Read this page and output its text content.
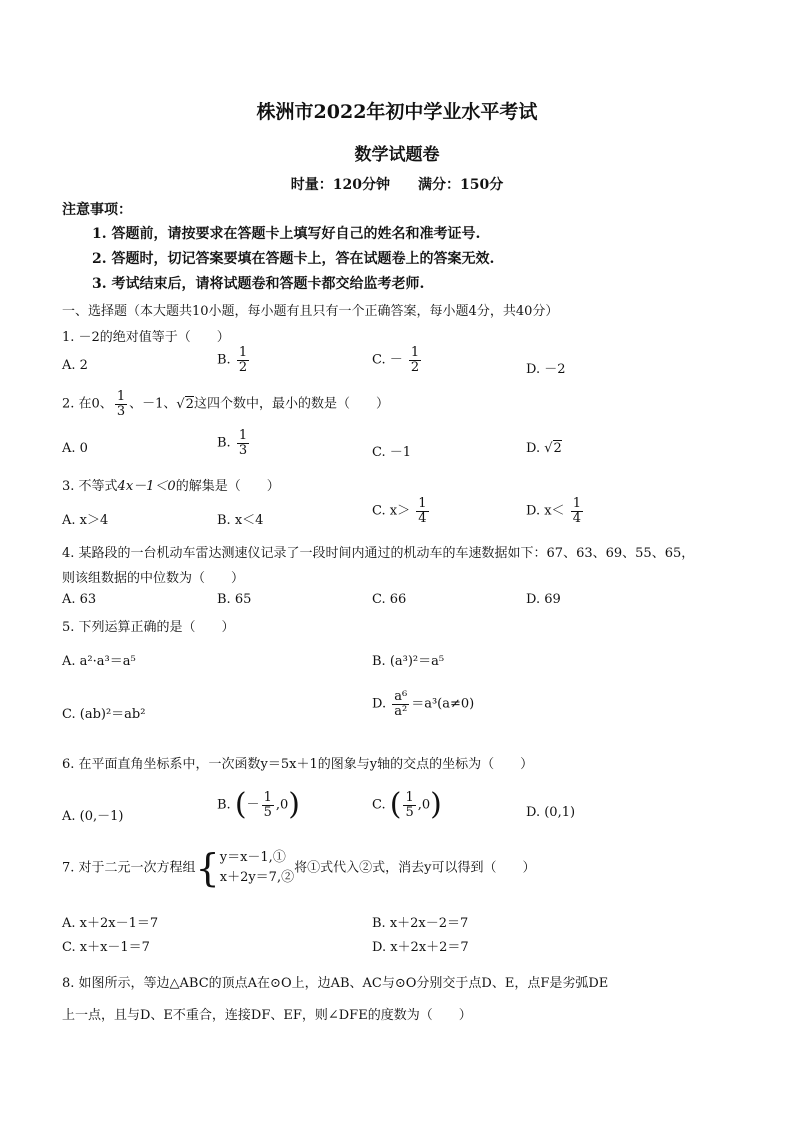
株洲市2022年初中学业水平考试
数学试题卷
时量：120分钟　　满分：150分
注意事项：
1. 答题前，请按要求在答题卡上填写好自己的姓名和准考证号.
2. 答题时，切记答案要填在答题卡上，答在试题卷上的答案无效.
3. 考试结束后，请将试题卷和答题卡都交给监考老师.
一、选择题（本大题共10小题，每小题有且只有一个正确答案，每小题4分，共40分）
1. －2的绝对值等于（　　）
A. 2	B. $\frac{1}{2}$	C. － $\frac{1}{2}$	D. －2
2. 在0、 $\frac{1}{3}$ 、－1、√2这四个数中，最小的数是（　　）
A. 0	B. $\frac{1}{3}$	C. －1	D. √2
3. 不等式4x－1＜0的解集是（　　）
A. x＞4	B. x＜4
C. $x> \frac{1}{4}$	D. $x< \frac{1}{4}$
4. 某路段的一台机动车雷达测速仪记录了一段时间内通过的机动车的车速数据如下：67、63、69、55、65，
则该组数据的中位数为（　　）
A. 63	B. 65	C. 66	D. 69
5. 下列运算正确的是（　　）
A. a²·a³＝a⁵	B. (a³)²＝a⁵
C. (ab)²＝ab²
D. $\frac{\text{a⁶}}{\text{a²}} =a^3(a\ne 0)$
6. 在平面直角坐标系中，一次函数y＝5x＋1的图象与y轴的交点的坐标为（　　）
A. (0,－1)
B. (－ $\frac{1}{5} ,0$)	C. ( $\frac{1}{5} ,0$)	D. (0,1)
7. 对于二元一次方程组{ y＝x－1,①
x＋2y＝7,②
将①式代入②式，消去y可以得到（　　）
A. x＋2x－1＝7	B. x＋2x－2＝7
C. x＋x－1＝7	D. x＋2x＋2＝7
8. 如图所示，等边△ABC的顶点A在⊙O上，边AB、AC与⊙O分别交于点D、E，点F是劣弧DE
上一点，且与D、E不重合，连接DF、EF，则∠DFE的度数为（　　）
